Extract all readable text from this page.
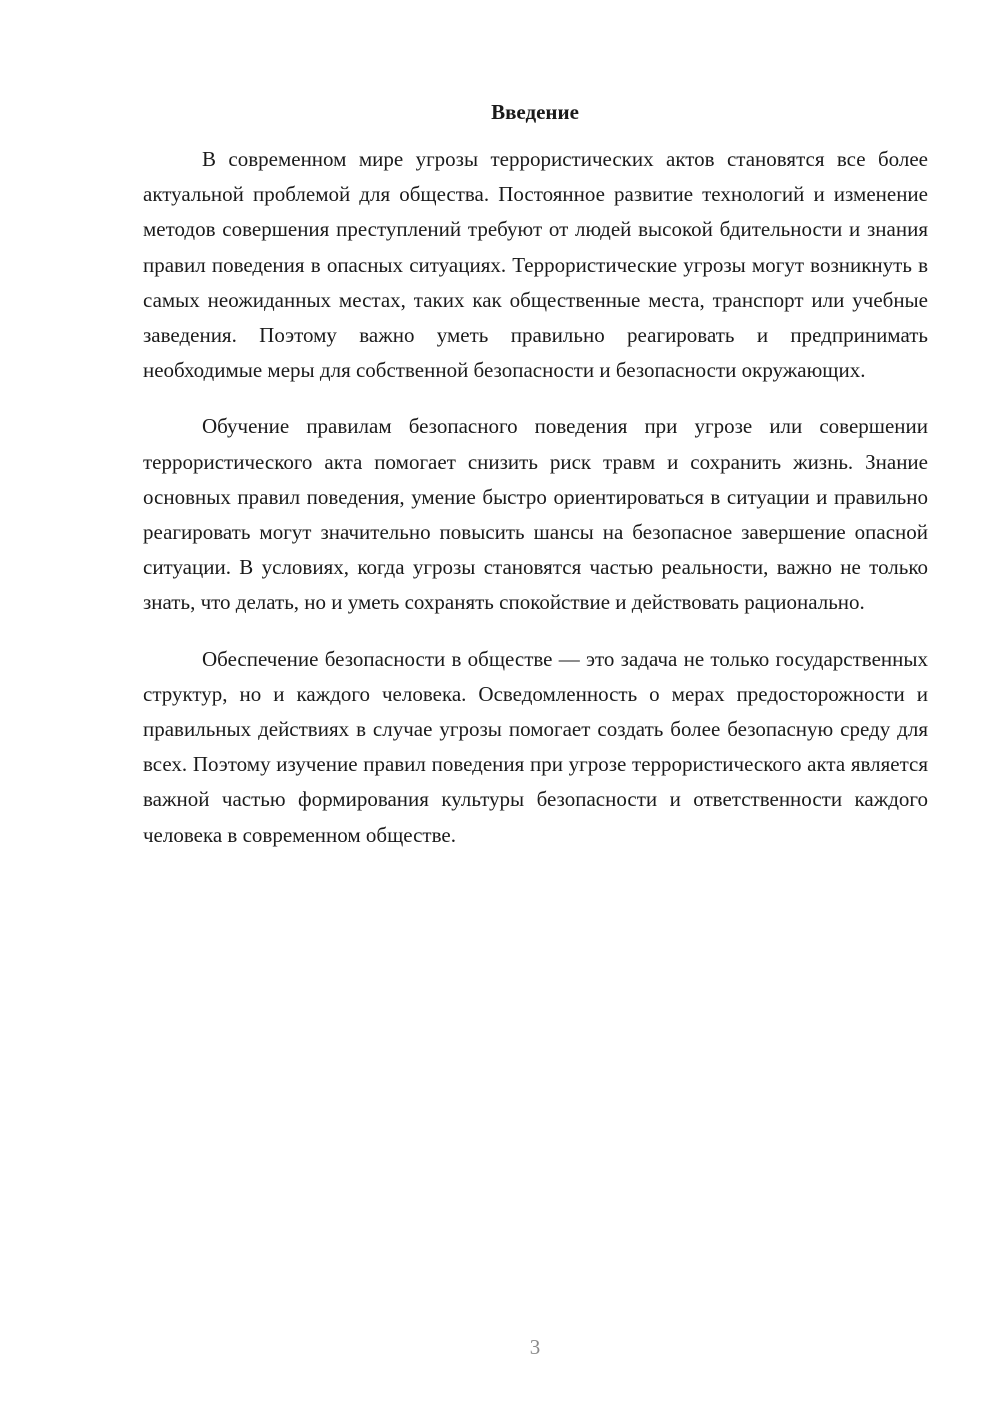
Введение

В современном мире угрозы террористических актов становятся все более актуальной проблемой для общества. Постоянное развитие технологий и изменение методов совершения преступлений требуют от людей высокой бдительности и знания правил поведения в опасных ситуациях. Террористические угрозы могут возникнуть в самых неожиданных местах, таких как общественные места, транспорт или учебные заведения. Поэтому важно уметь правильно реагировать и предпринимать необходимые меры для собственной безопасности и безопасности окружающих.

Обучение правилам безопасного поведения при угрозе или совершении террористического акта помогает снизить риск травм и сохранить жизнь. Знание основных правил поведения, умение быстро ориентироваться в ситуации и правильно реагировать могут значительно повысить шансы на безопасное завершение опасной ситуации. В условиях, когда угрозы становятся частью реальности, важно не только знать, что делать, но и уметь сохранять спокойствие и действовать рационально.

Обеспечение безопасности в обществе — это задача не только государственных структур, но и каждого человека. Осведомленность о мерах предосторожности и правильных действиях в случае угрозы помогает создать более безопасную среду для всех. Поэтому изучение правил поведения при угрозе террористического акта является важной частью формирования культуры безопасности и ответственности каждого человека в современном обществе.

3
